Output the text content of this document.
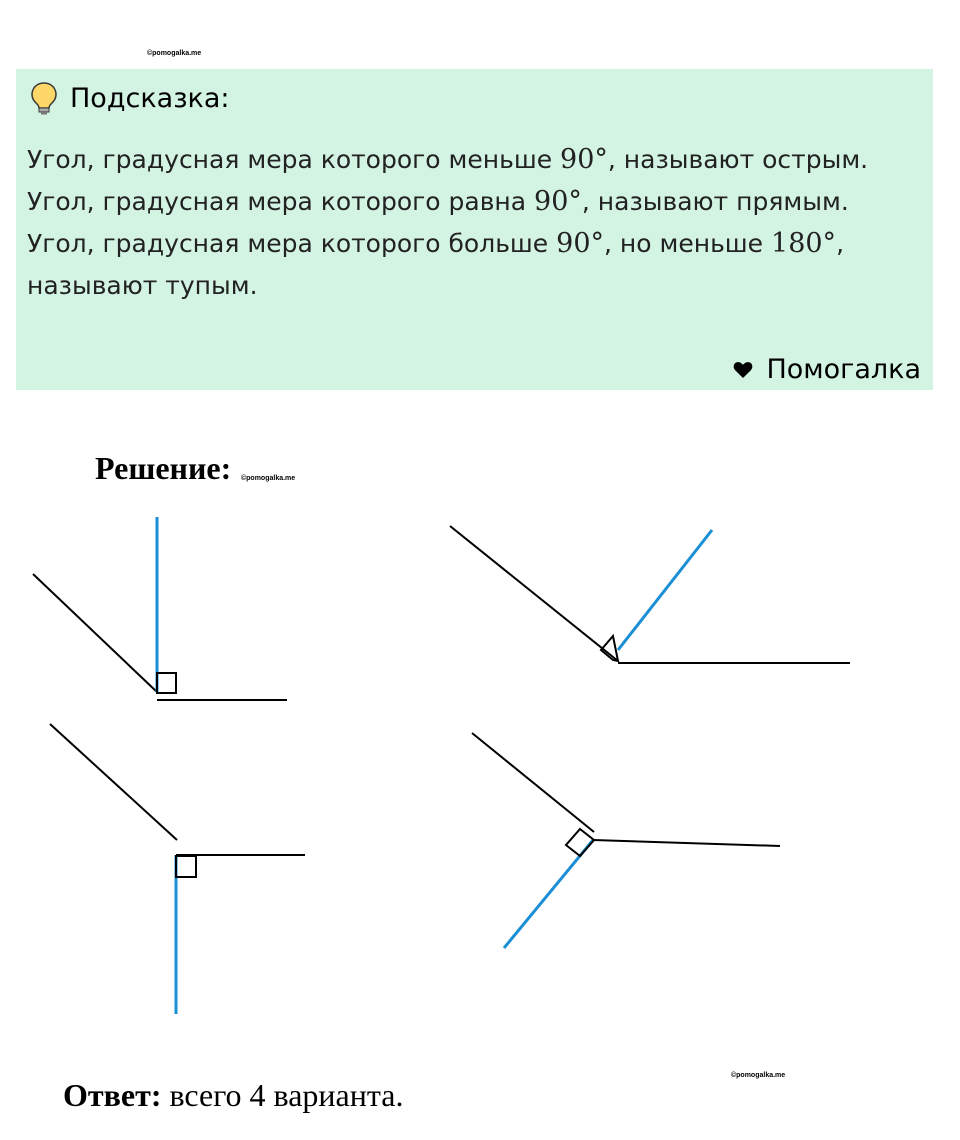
©pomogalka.me
Подсказка:

Угол, градусная мера которого меньше 90°, называют острым.

Угол, градусная мера которого равна 90°, называют прямым.

Угол, градусная мера которого больше 90°, но меньше 180°, называют тупым.

Помогалка
Решение: ©pomogalka.me
©pomogalka.me
Ответ: всего 4 варианта.
